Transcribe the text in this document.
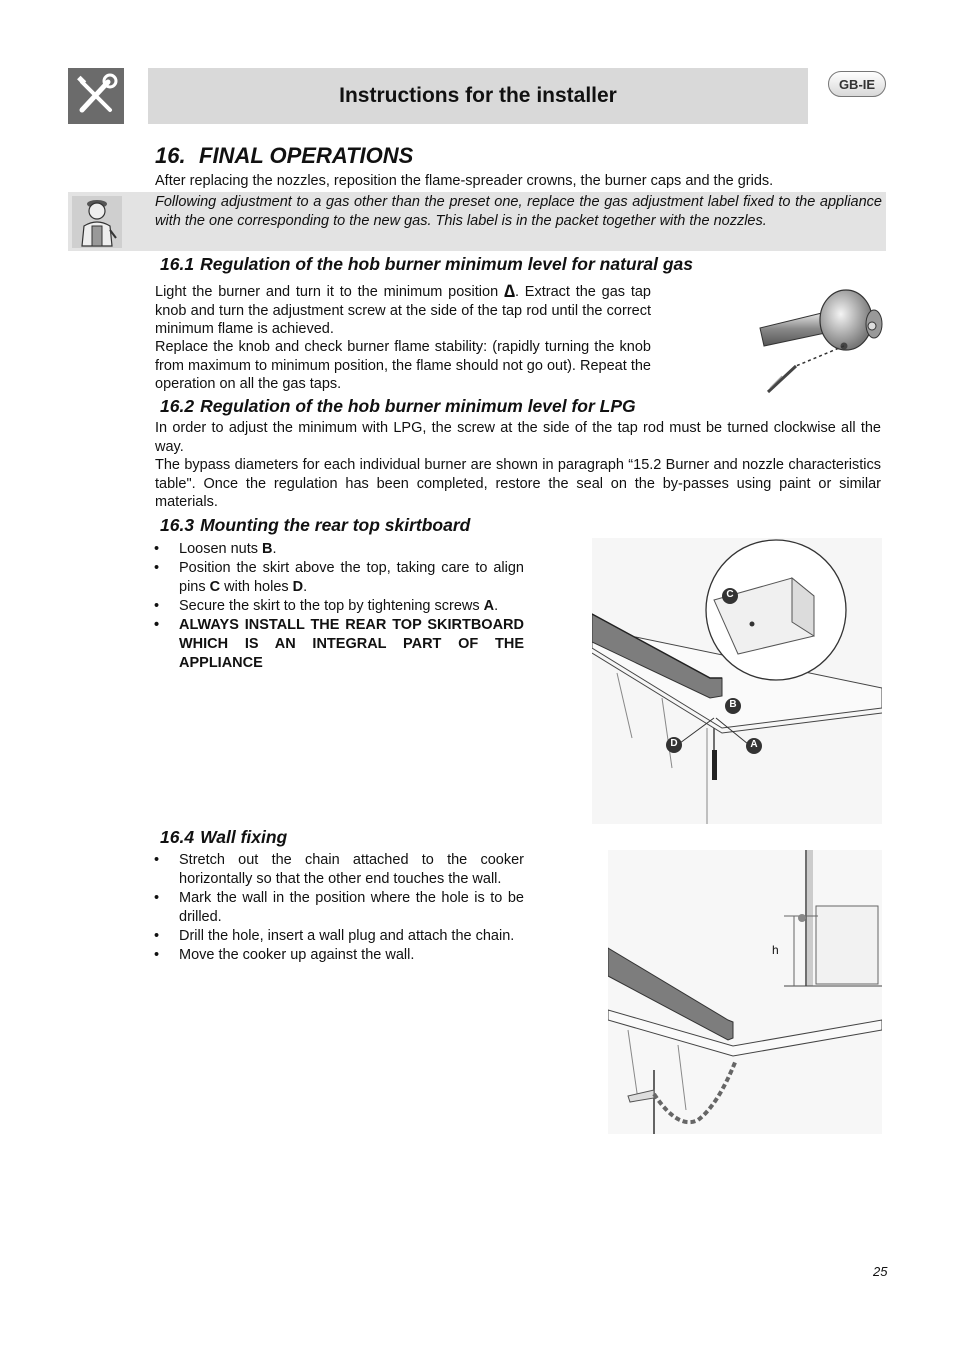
Instructions for the installer	GB-IE
16. FINAL OPERATIONS

After replacing the nozzles, reposition the flame-spreader crowns, the burner caps and the grids.

Following adjustment to a gas other than the preset one, replace the gas adjustment label fixed to the appliance with the one corresponding to the new gas. This label is in the packet together with the nozzles.

16.1 Regulation of the hob burner minimum level for natural gas

Light the burner and turn it to the minimum position ∆. Extract the gas tap knob and turn the adjustment screw at the side of the tap rod until the correct minimum flame is achieved.

Replace the knob and check burner flame stability: (rapidly turning the knob from maximum to minimum position, the flame should not go out). Repeat the operation on all the gas taps.

16.2 Regulation of the hob burner minimum level for LPG

In order to adjust the minimum with LPG, the screw at the side of the tap rod must be turned clockwise all the way.

The bypass diameters for each individual burner are shown in paragraph “15.2 Burner and nozzle characteristics table". Once the regulation has been completed, restore the seal on the by-passes using paint or similar materials.

16.3 Mounting the rear top skirtboard
• Loosen nuts B.
• Position the skirt above the top, taking care to align pins C with holes D.
• Secure the skirt to the top by tightening screws A.
• ALWAYS INSTALL THE REAR TOP SKIRTBOARD WHICH IS AN INTEGRAL PART OF THE APPLIANCE
C
B
D	A
16.4 Wall fixing
• Stretch out the chain attached to the cooker horizontally so that the other end touches the wall.
• Mark the wall in the position where the hole is to be drilled.
• Drill the hole, insert a wall plug and attach the chain.
• Move the cooker up against the wall.	h
25
